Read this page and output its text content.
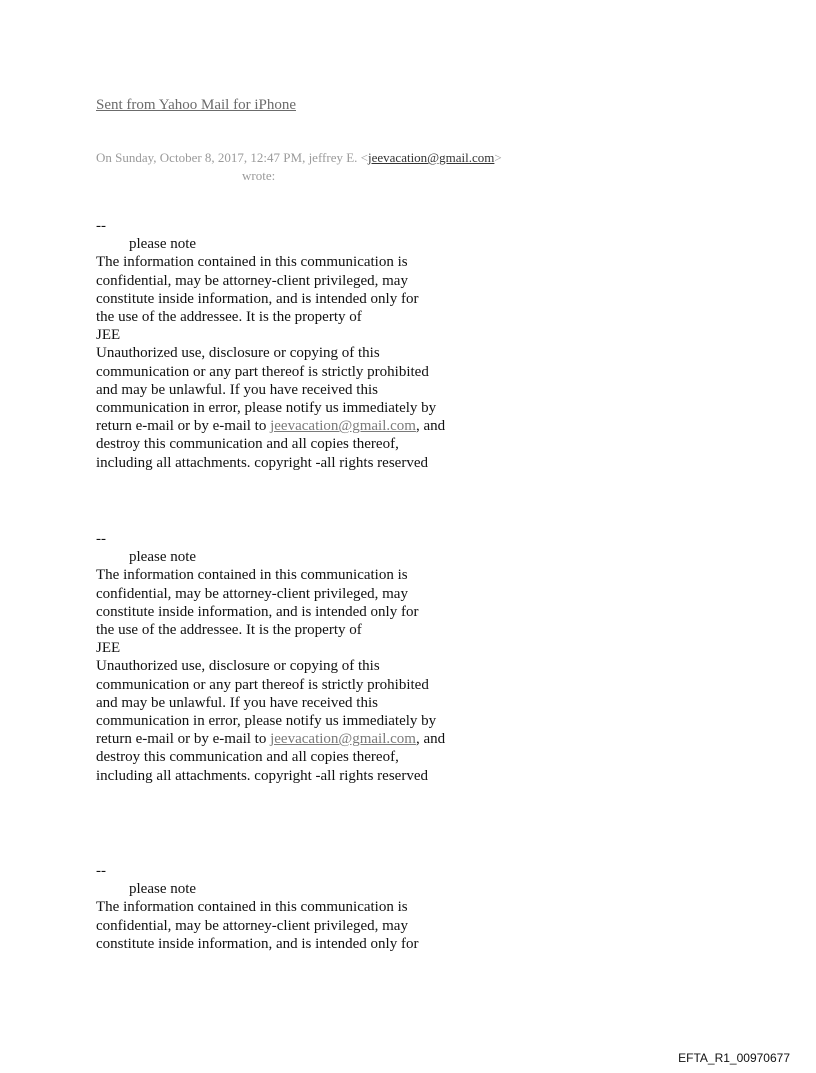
Sent from Yahoo Mail for iPhone
On Sunday, October 8, 2017, 12:47 PM, jeffrey E. <jeevacation@gmail.com>
wrote:
--
please note
The information contained in this communication is
confidential, may be attorney-client privileged, may
constitute inside information, and is intended only for
the use of the addressee. It is the property of
JEE
Unauthorized use, disclosure or copying of this
communication or any part thereof is strictly prohibited
and may be unlawful. If you have received this
communication in error, please notify us immediately by
return e-mail or by e-mail to jeevacation@gmail.com, and
destroy this communication and all copies thereof,
including all attachments. copyright -all rights reserved
--
please note
The information contained in this communication is
confidential, may be attorney-client privileged, may
constitute inside information, and is intended only for
the use of the addressee. It is the property of
JEE
Unauthorized use, disclosure or copying of this
communication or any part thereof is strictly prohibited
and may be unlawful. If you have received this
communication in error, please notify us immediately by
return e-mail or by e-mail to jeevacation@gmail.com, and
destroy this communication and all copies thereof,
including all attachments. copyright -all rights reserved
--
please note
The information contained in this communication is
confidential, may be attorney-client privileged, may
constitute inside information, and is intended only for
EFTA_R1_00970677
